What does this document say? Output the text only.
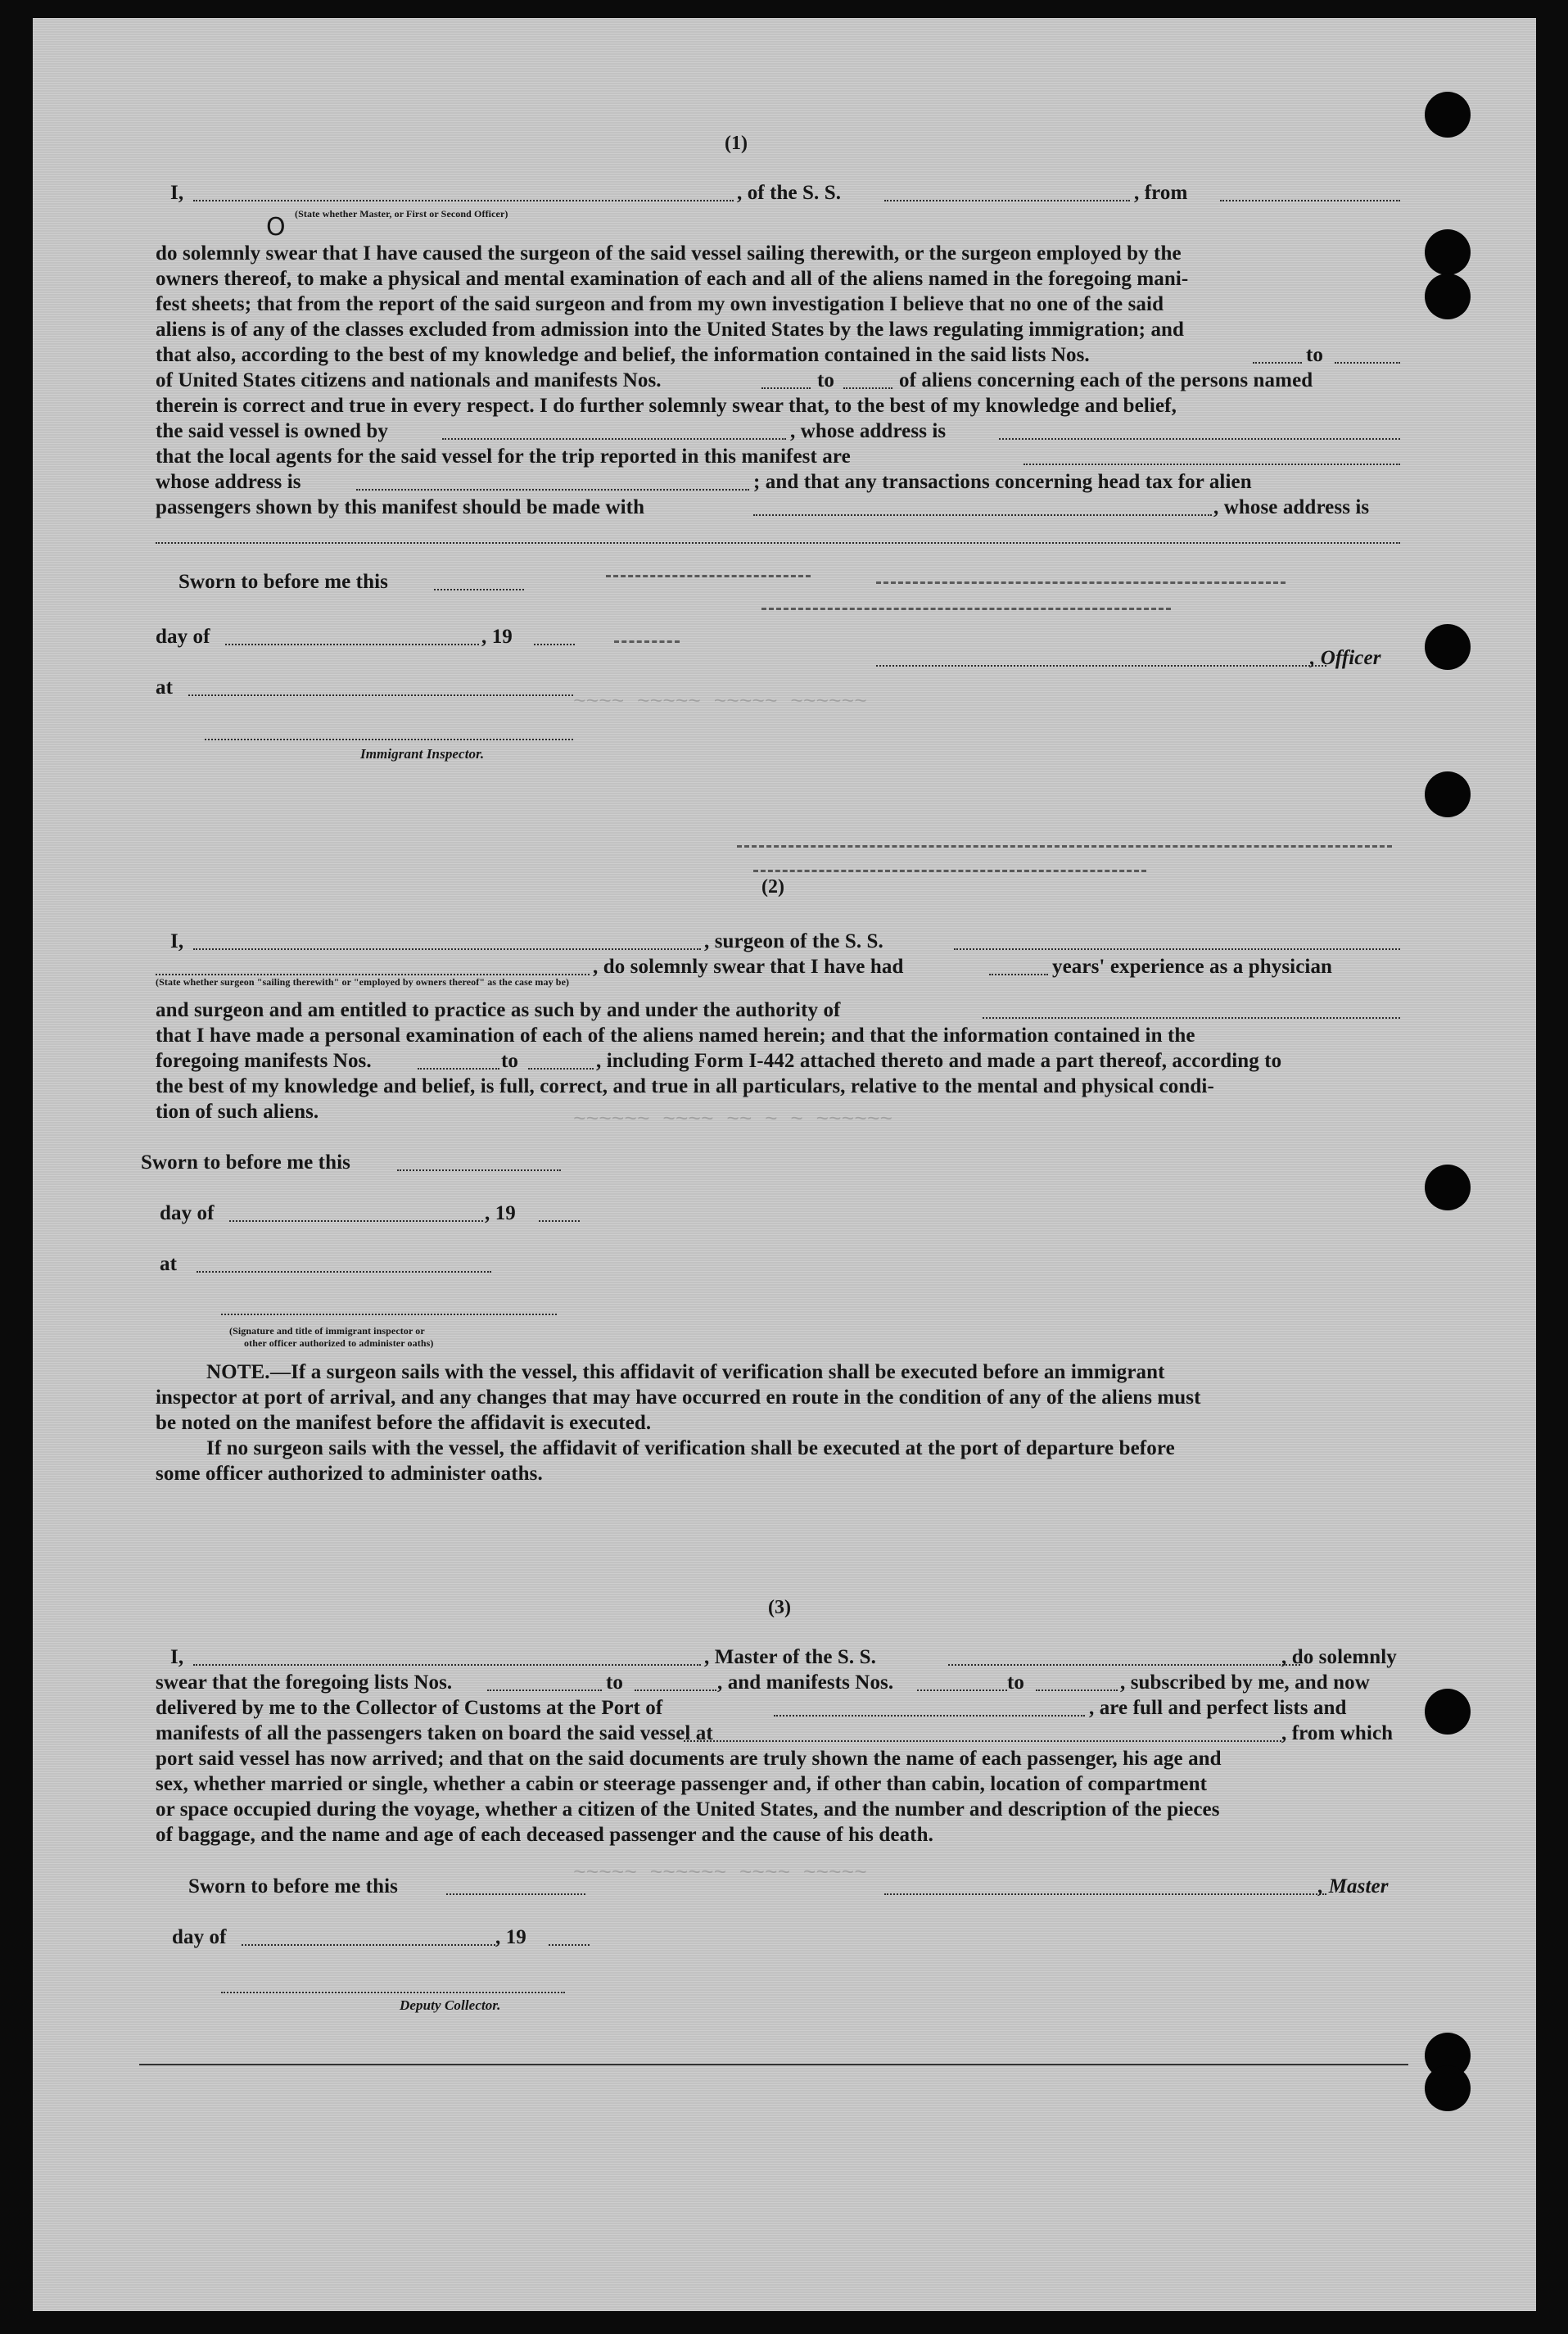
~~~~ ~~~~~ ~~~~~ ~~~~~~
~~~~~~ ~~~~ ~~ ~ ~ ~~~~~~
~~~~~ ~~~~~~ ~~~~ ~~~~~
(1)
I,	, of the S. S.	, from
(State whether Master, or First or Second Officer)
O
do solemnly swear that I have caused the surgeon of the said vessel sailing therewith, or the surgeon employed by the
owners thereof, to make a physical and mental examination of each and all of the aliens named in the foregoing mani-
fest sheets; that from the report of the said surgeon and from my own investigation I believe that no one of the said
aliens is of any of the classes excluded from admission into the United States by the laws regulating immigration; and
that also, according to the best of my knowledge and belief, the information contained in the said lists Nos.	to
of United States citizens and nationals and manifests Nos.	to	of aliens concerning each of the persons named
therein is correct and true in every respect. I do further solemnly swear that, to the best of my knowledge and belief,
the said vessel is owned by	, whose address is
that the local agents for the said vessel for the trip reported in this manifest are
whose address is	; and that any transactions concerning head tax for alien
passengers shown by this manifest should be made with	, whose address is
Sworn to before me this
day of	, 19
, Officer
at
Immigrant Inspector.
(2)
I,	, surgeon of the S. S.
, do solemnly swear that I have had	years' experience as a physician
(State whether surgeon "sailing therewith" or "employed by owners thereof" as the case may be)
and surgeon and am entitled to practice as such by and under the authority of
that I have made a personal examination of each of the aliens named herein; and that the information contained in the
foregoing manifests Nos.	to	, including Form I-442 attached thereto and made a part thereof, according to
the best of my knowledge and belief, is full, correct, and true in all particulars, relative to the mental and physical condi-
tion of such aliens.
Sworn to before me this
day of	, 19
at
(Signature and title of immigrant inspector or
other officer authorized to administer oaths)
NOTE. —If a surgeon sails with the vessel, this affidavit of verification shall be executed before an immigrant
inspector at port of arrival, and any changes that may have occurred en route in the condition of any of the aliens must
be noted on the manifest before the affidavit is executed.
If no surgeon sails with the vessel, the affidavit of verification shall be executed at the port of departure before
some officer authorized to administer oaths.
(3)
I,	, Master of the S. S.	, do solemnly
swear that the foregoing lists Nos.	to	, and manifests Nos.	to	, subscribed by me, and now
delivered by me to the Collector of Customs at the Port of	, are full and perfect lists and
manifests of all the passengers taken on board the said vessel at	, from which
port said vessel has now arrived; and that on the said documents are truly shown the name of each passenger, his age and
sex, whether married or single, whether a cabin or steerage passenger and, if other than cabin, location of compartment
or space occupied during the voyage, whether a citizen of the United States, and the number and description of the pieces
of baggage, and the name and age of each deceased passenger and the cause of his death.
Sworn to before me this	, Master
day of	, 19
Deputy Collector.
